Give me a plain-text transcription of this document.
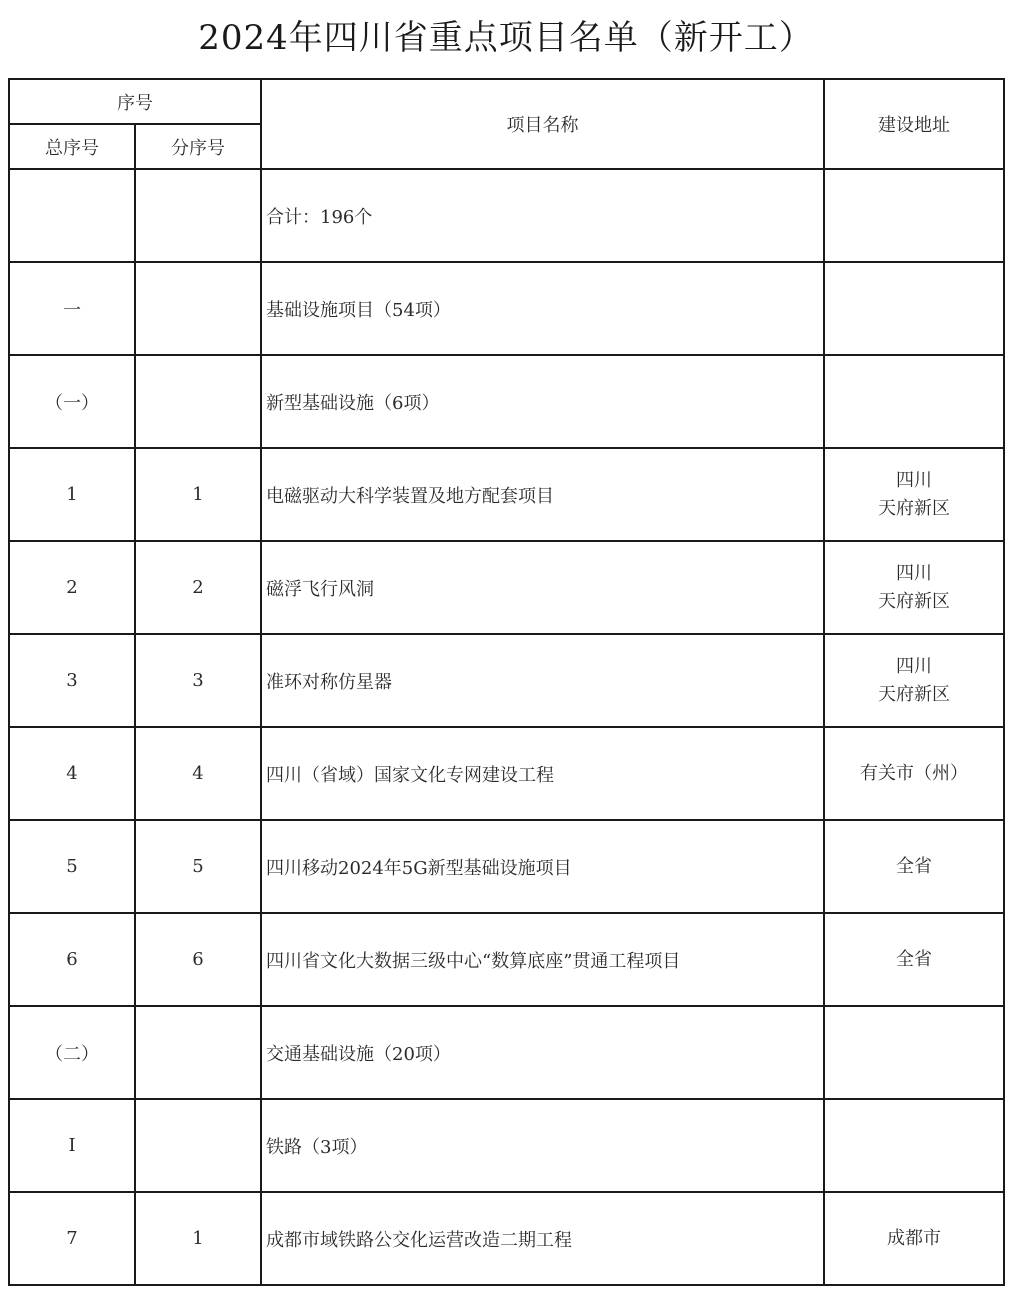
2024年四川省重点项目名单（新开工）
序号		项目名称	建设地址
总序号	分序号		
		合计：196个	

一		基础设施项目（54项）	

（一）		新型基础设施（6项）	

1	1	电磁驱动大科学装置及地方配套项目	四川
天府新区

2	2	磁浮飞行风洞	四川
天府新区

3	3	准环对称仿星器	四川
天府新区

4	4	四川（省域）国家文化专网建设工程	有关市（州）

5	5	四川移动2024年5G新型基础设施项目	全省

6	6	四川省文化大数据三级中心“数算底座”贯通工程项目	全省

（二）		交通基础设施（20项）	

Ⅰ		铁路（3项）	

7	1	成都市域铁路公交化运营改造二期工程	成都市
